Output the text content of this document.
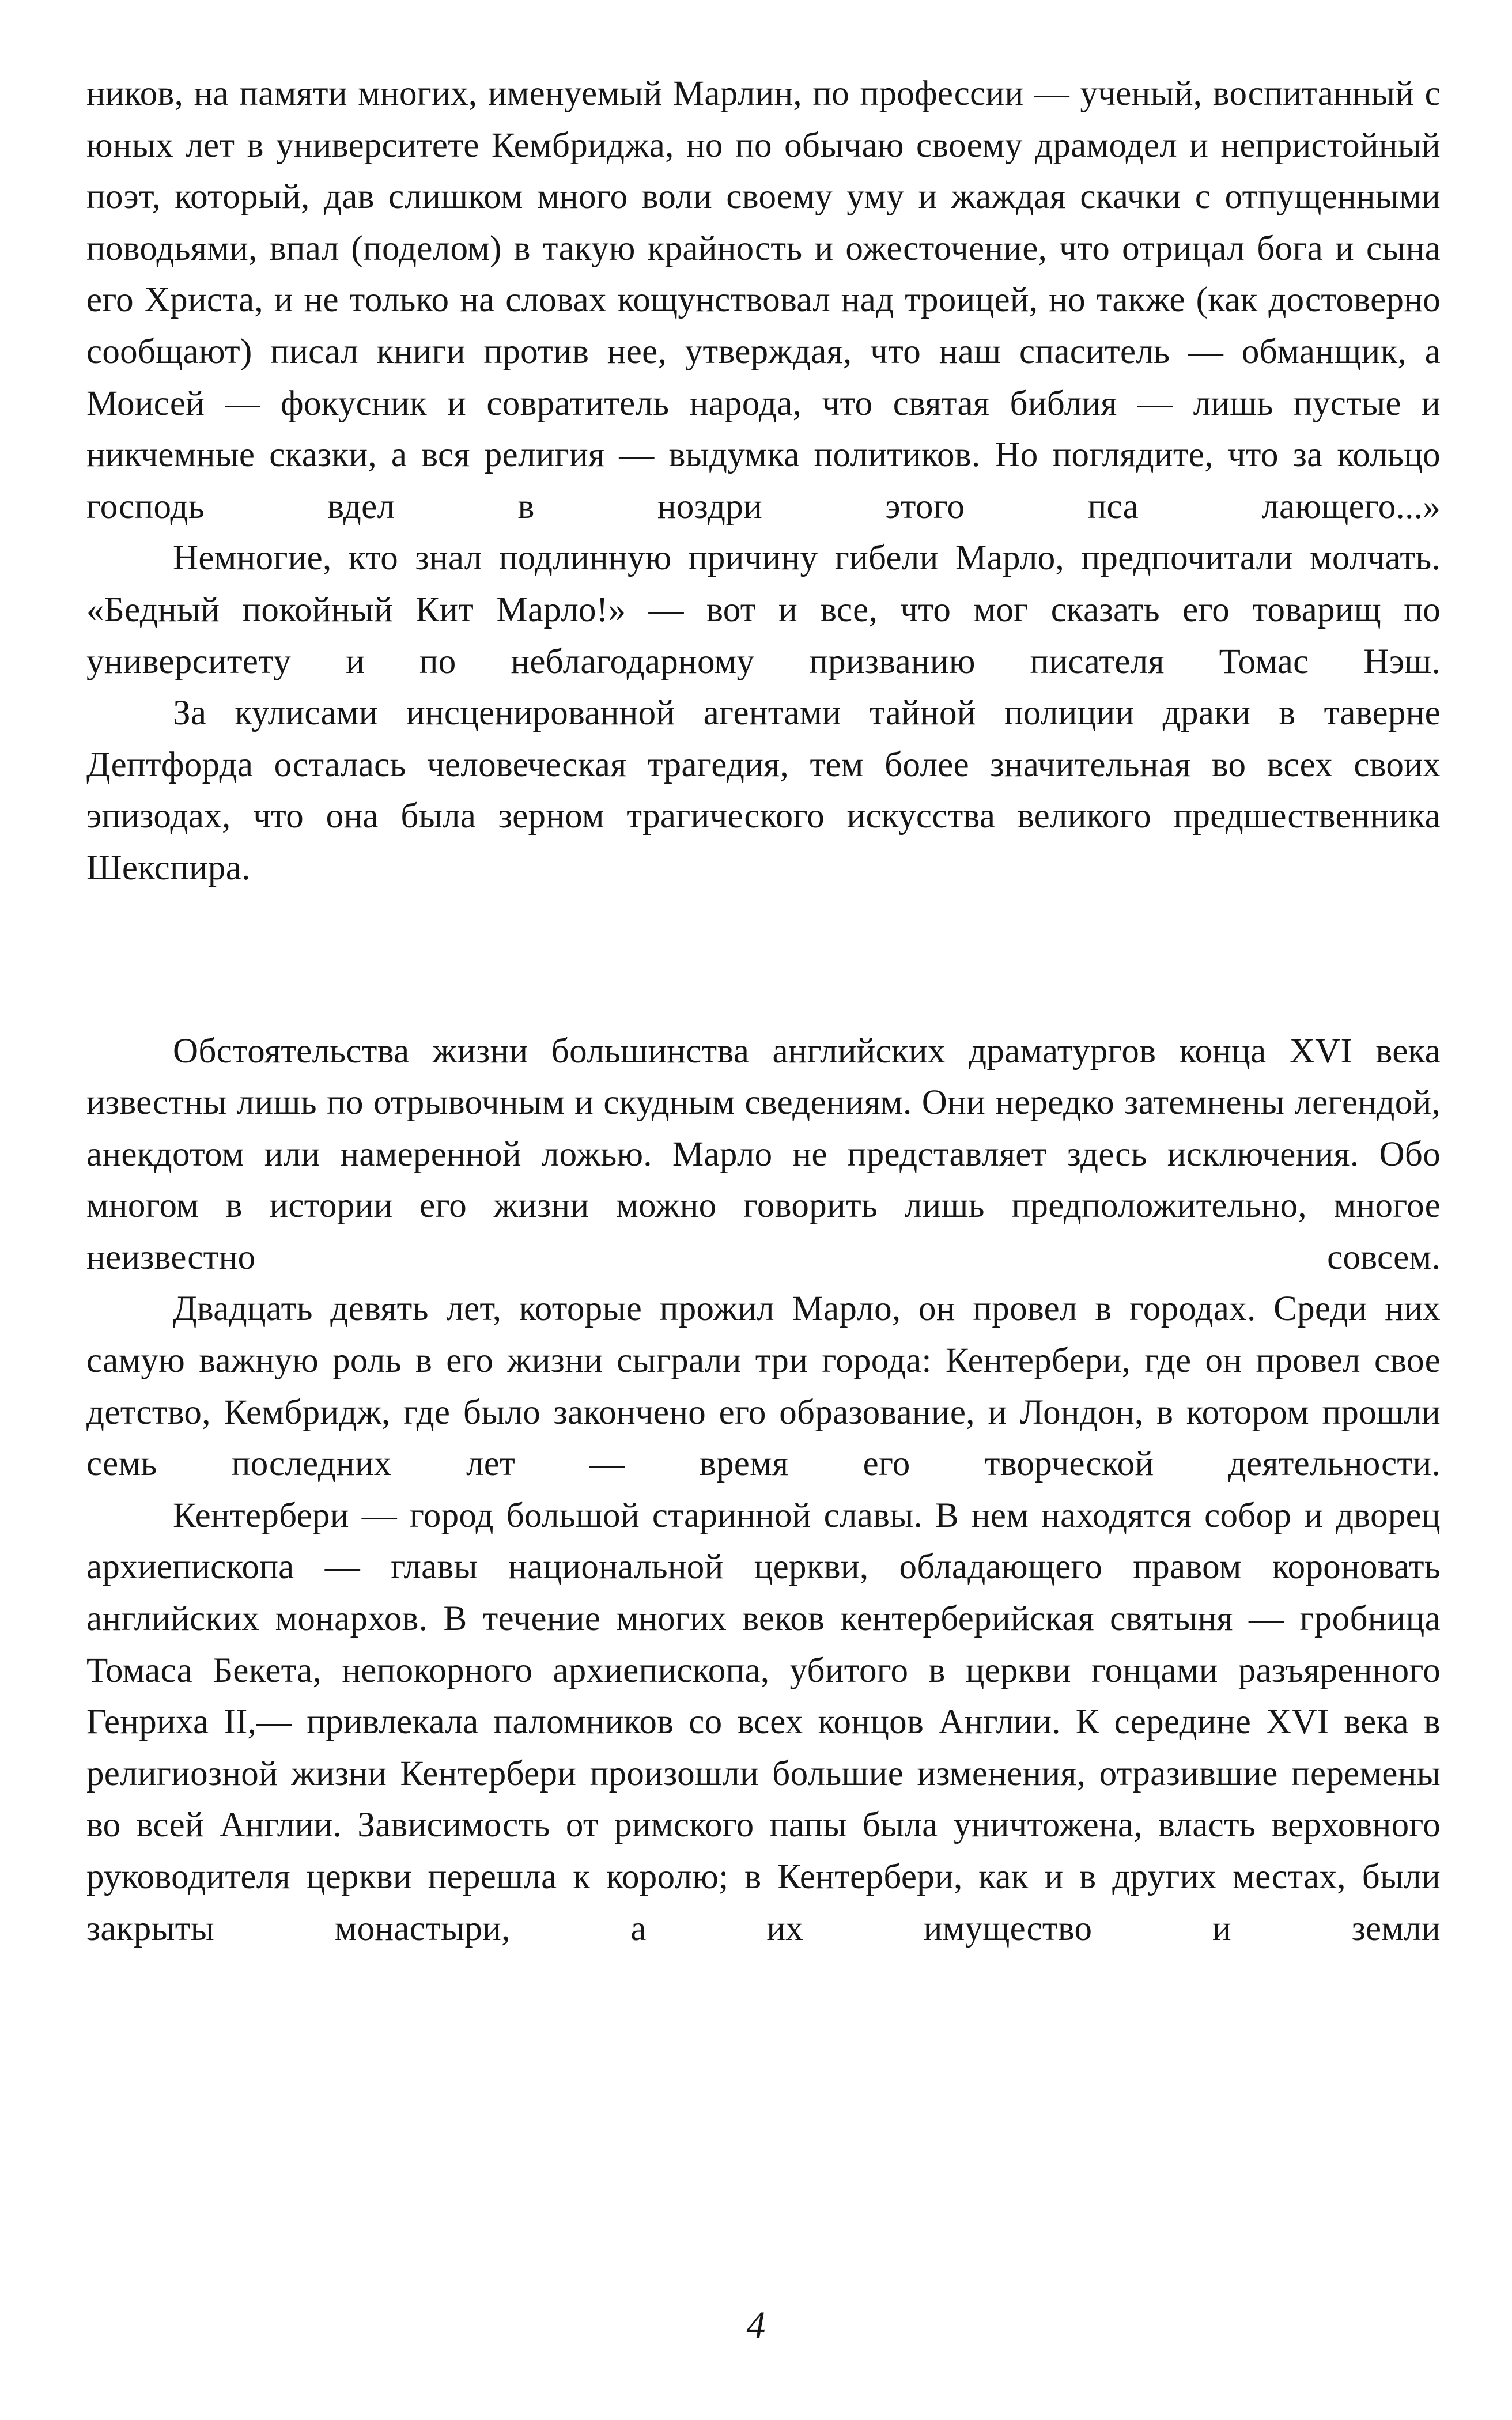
ников, на памяти многих, именуемый Марлин, по профессии — ученый, воспитанный с юных лет в университете Кембриджа, но по обычаю своему драмодел и непристойный поэт, который, дав слишком много воли своему уму и жаждая скачки с отпущенными поводьями, впал (поделом) в такую крайность и ожесточение, что отрицал бога и сына его Христа, и не только на словах кощунствовал над троицей, но также (как достоверно сообщают) писал книги против нее, утверждая, что наш спаситель — обманщик, а Моисей — фокусник и совратитель народа, что святая библия — лишь пустые и никчемные сказки, а вся религия — выдумка политиков. Но поглядите, что за кольцо господь вдел в ноздри этого пса лающего...»

Немногие, кто знал подлинную причину гибели Марло, предпочитали молчать. «Бедный покойный Кит Марло!» — вот и все, что мог сказать его товарищ по университету и по неблагодарному призванию писателя Томас Нэш.

За кулисами инсценированной агентами тайной полиции драки в таверне Дептфорда осталась человеческая трагедия, тем более значительная во всех своих эпизодах, что она была зерном трагического искусства великого предшественника Шекспира.

Обстоятельства жизни большинства английских драматургов конца XVI века известны лишь по отрывочным и скудным сведениям. Они нередко затемнены легендой, анекдотом или намеренной ложью. Марло не представляет здесь исключения. Обо многом в истории его жизни можно говорить лишь предположительно, многое неизвестно совсем.

Двадцать девять лет, которые прожил Марло, он провел в городах. Среди них самую важную роль в его жизни сыграли три города: Кентербери, где он провел свое детство, Кембридж, где было закончено его образование, и Лондон, в котором прошли семь последних лет — время его творческой деятельности.

Кентербери — город большой старинной славы. В нем находятся собор и дворец архиепископа — главы национальной церкви, обладающего правом короновать английских монархов. В течение многих веков кентерберийская святыня — гробница Томаса Бекета, непокорного архиепископа, убитого в церкви гонцами разъяренного Генриха II,— привлекала паломников со всех концов Англии. К середине XVI века в религиозной жизни Кентербери произошли большие изменения, отразившие перемены во всей Англии. Зависимость от римского папы была уничтожена, власть верховного руководителя церкви перешла к королю; в Кентербери, как и в других местах, были закрыты монастыри, а их имущество и земли

4
